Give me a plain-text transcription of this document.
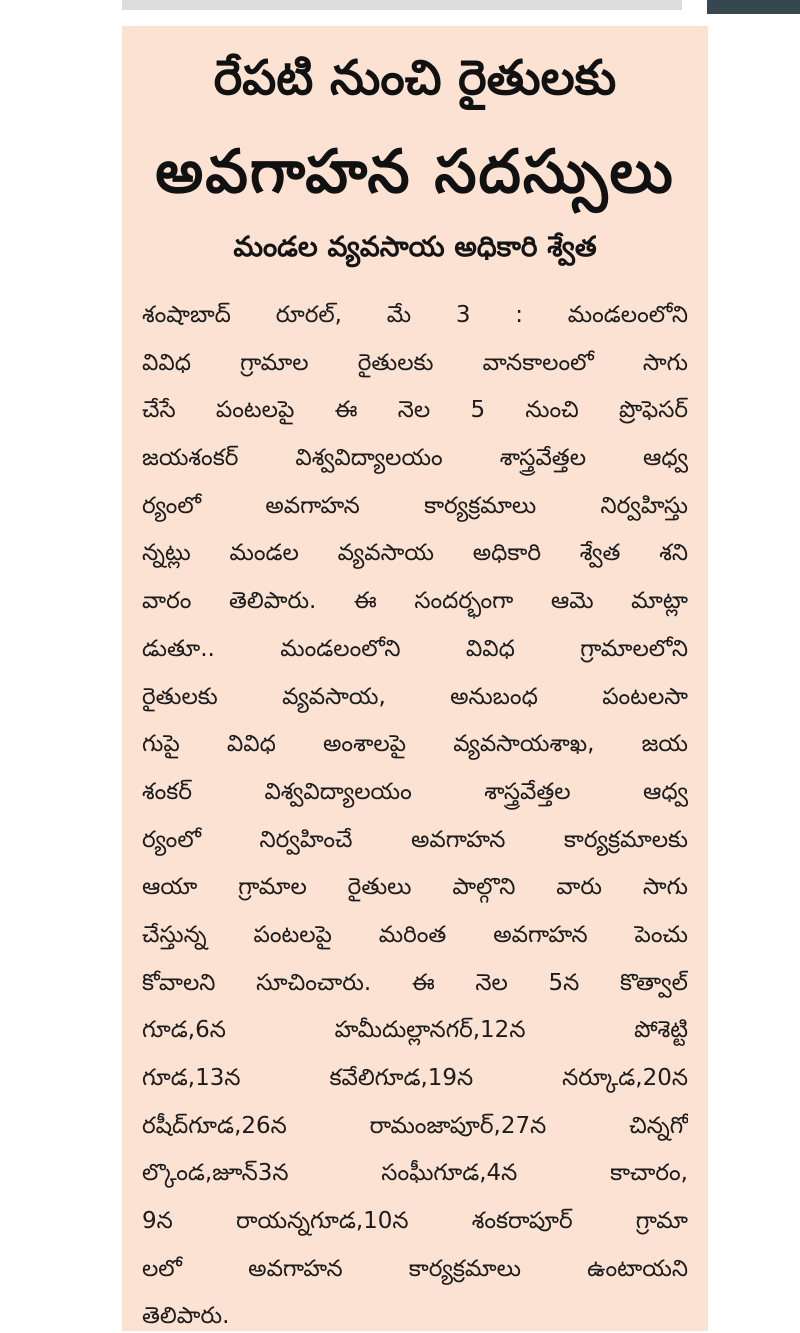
రేపటి నుంచి రైతులకు
అవగాహన సదస్సులు
మండల వ్యవసాయ అధికారి శ్వేత
శంషాబాద్ రూరల్, మే 3 : మండలంలోని
వివిధ గ్రామాల రైతులకు వానకాలంలో సాగు
చేసే పంటలపై ఈ నెల 5 నుంచి ప్రొఫెసర్
జయశంకర్ విశ్వవిద్యాలయం శాస్త్రవేత్తల ఆధ్వ
ర్యంలో అవగాహన కార్యక్రమాలు నిర్వహిస్తు
న్నట్లు మండల వ్యవసాయ అధికారి శ్వేత శని
వారం తెలిపారు. ఈ సందర్భంగా ఆమె మాట్లా
డుతూ.. మండలంలోని వివిధ గ్రామాలలోని
రైతులకు వ్యవసాయ, అనుబంధ పంటలసా
గుపై వివిధ అంశాలపై వ్యవసాయశాఖ, జయ
శంకర్ విశ్వవిద్యాలయం శాస్త్రవేత్తల ఆధ్వ
ర్యంలో నిర్వహించే అవగాహన కార్యక్రమాలకు
ఆయా గ్రామాల రైతులు పాల్గొని వారు సాగు
చేస్తున్న పంటలపై మరింత అవగాహన పెంచు
కోవాలని సూచించారు. ఈ నెల 5న కొత్వాల్
గూడ,6న హమీదుల్లానగర్,12న పోశెట్టి
గూడ,13న కవేలిగూడ,19న నర్కూడ,20న
రషీద్‌గూడ,26న రామంజాపూర్,27న చిన్నగో
ల్కొండ,జూన్3న సంఘీగూడ,4న కాచారం,
9న రాయన్నగూడ,10న శంకరాపూర్ గ్రామా
లలో అవగాహన కార్యక్రమాలు ఉంటాయని
తెలిపారు.
